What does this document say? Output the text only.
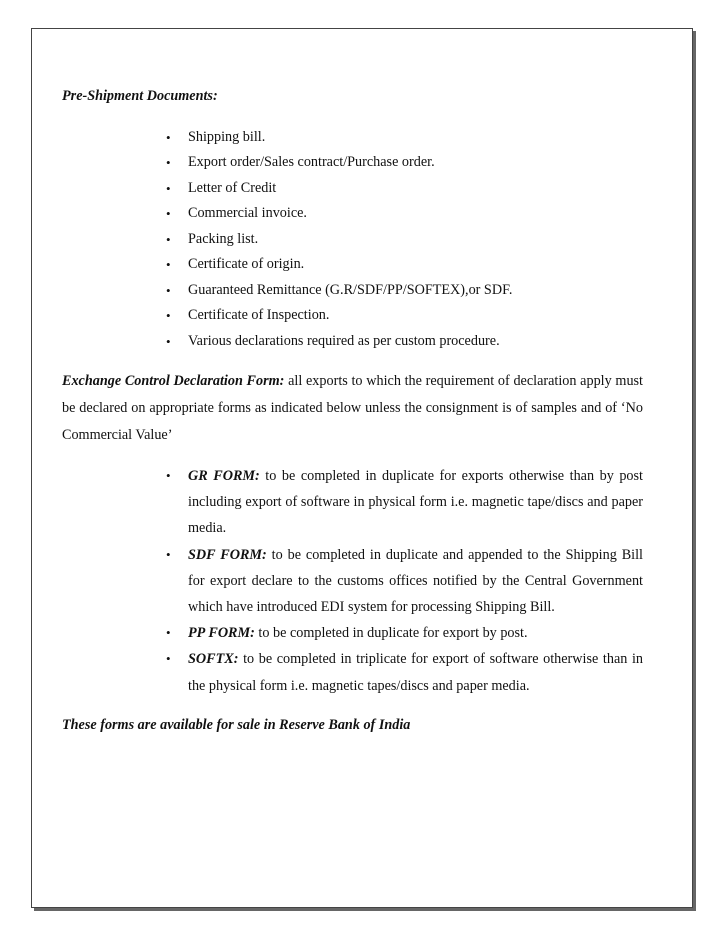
Pre-Shipment Documents:

• Shipping bill.
• Export order/Sales contract/Purchase order.
• Letter of Credit
• Commercial invoice.
• Packing list.
• Certificate of origin.
• Guaranteed Remittance (G.R/SDF/PP/SOFTEX),or SDF.
• Certificate of Inspection.
• Various declarations required as per custom procedure.

Exchange Control Declaration Form: all exports to which the requirement of declaration apply must be declared on appropriate forms as indicated below unless the consignment is of samples and of ‘No Commercial Value’

• GR FORM: to be completed in duplicate for exports otherwise than by post including export of software in physical form i.e. magnetic tape/discs and paper media.
• SDF FORM: to be completed in duplicate and appended to the Shipping Bill for export declare to the customs offices notified by the Central Government which have introduced EDI system for processing Shipping Bill.
• PP FORM: to be completed in duplicate for export by post.
• SOFTX: to be completed in triplicate for export of software otherwise than in the physical form i.e. magnetic tapes/discs and paper media.

These forms are available for sale in Reserve Bank of India
